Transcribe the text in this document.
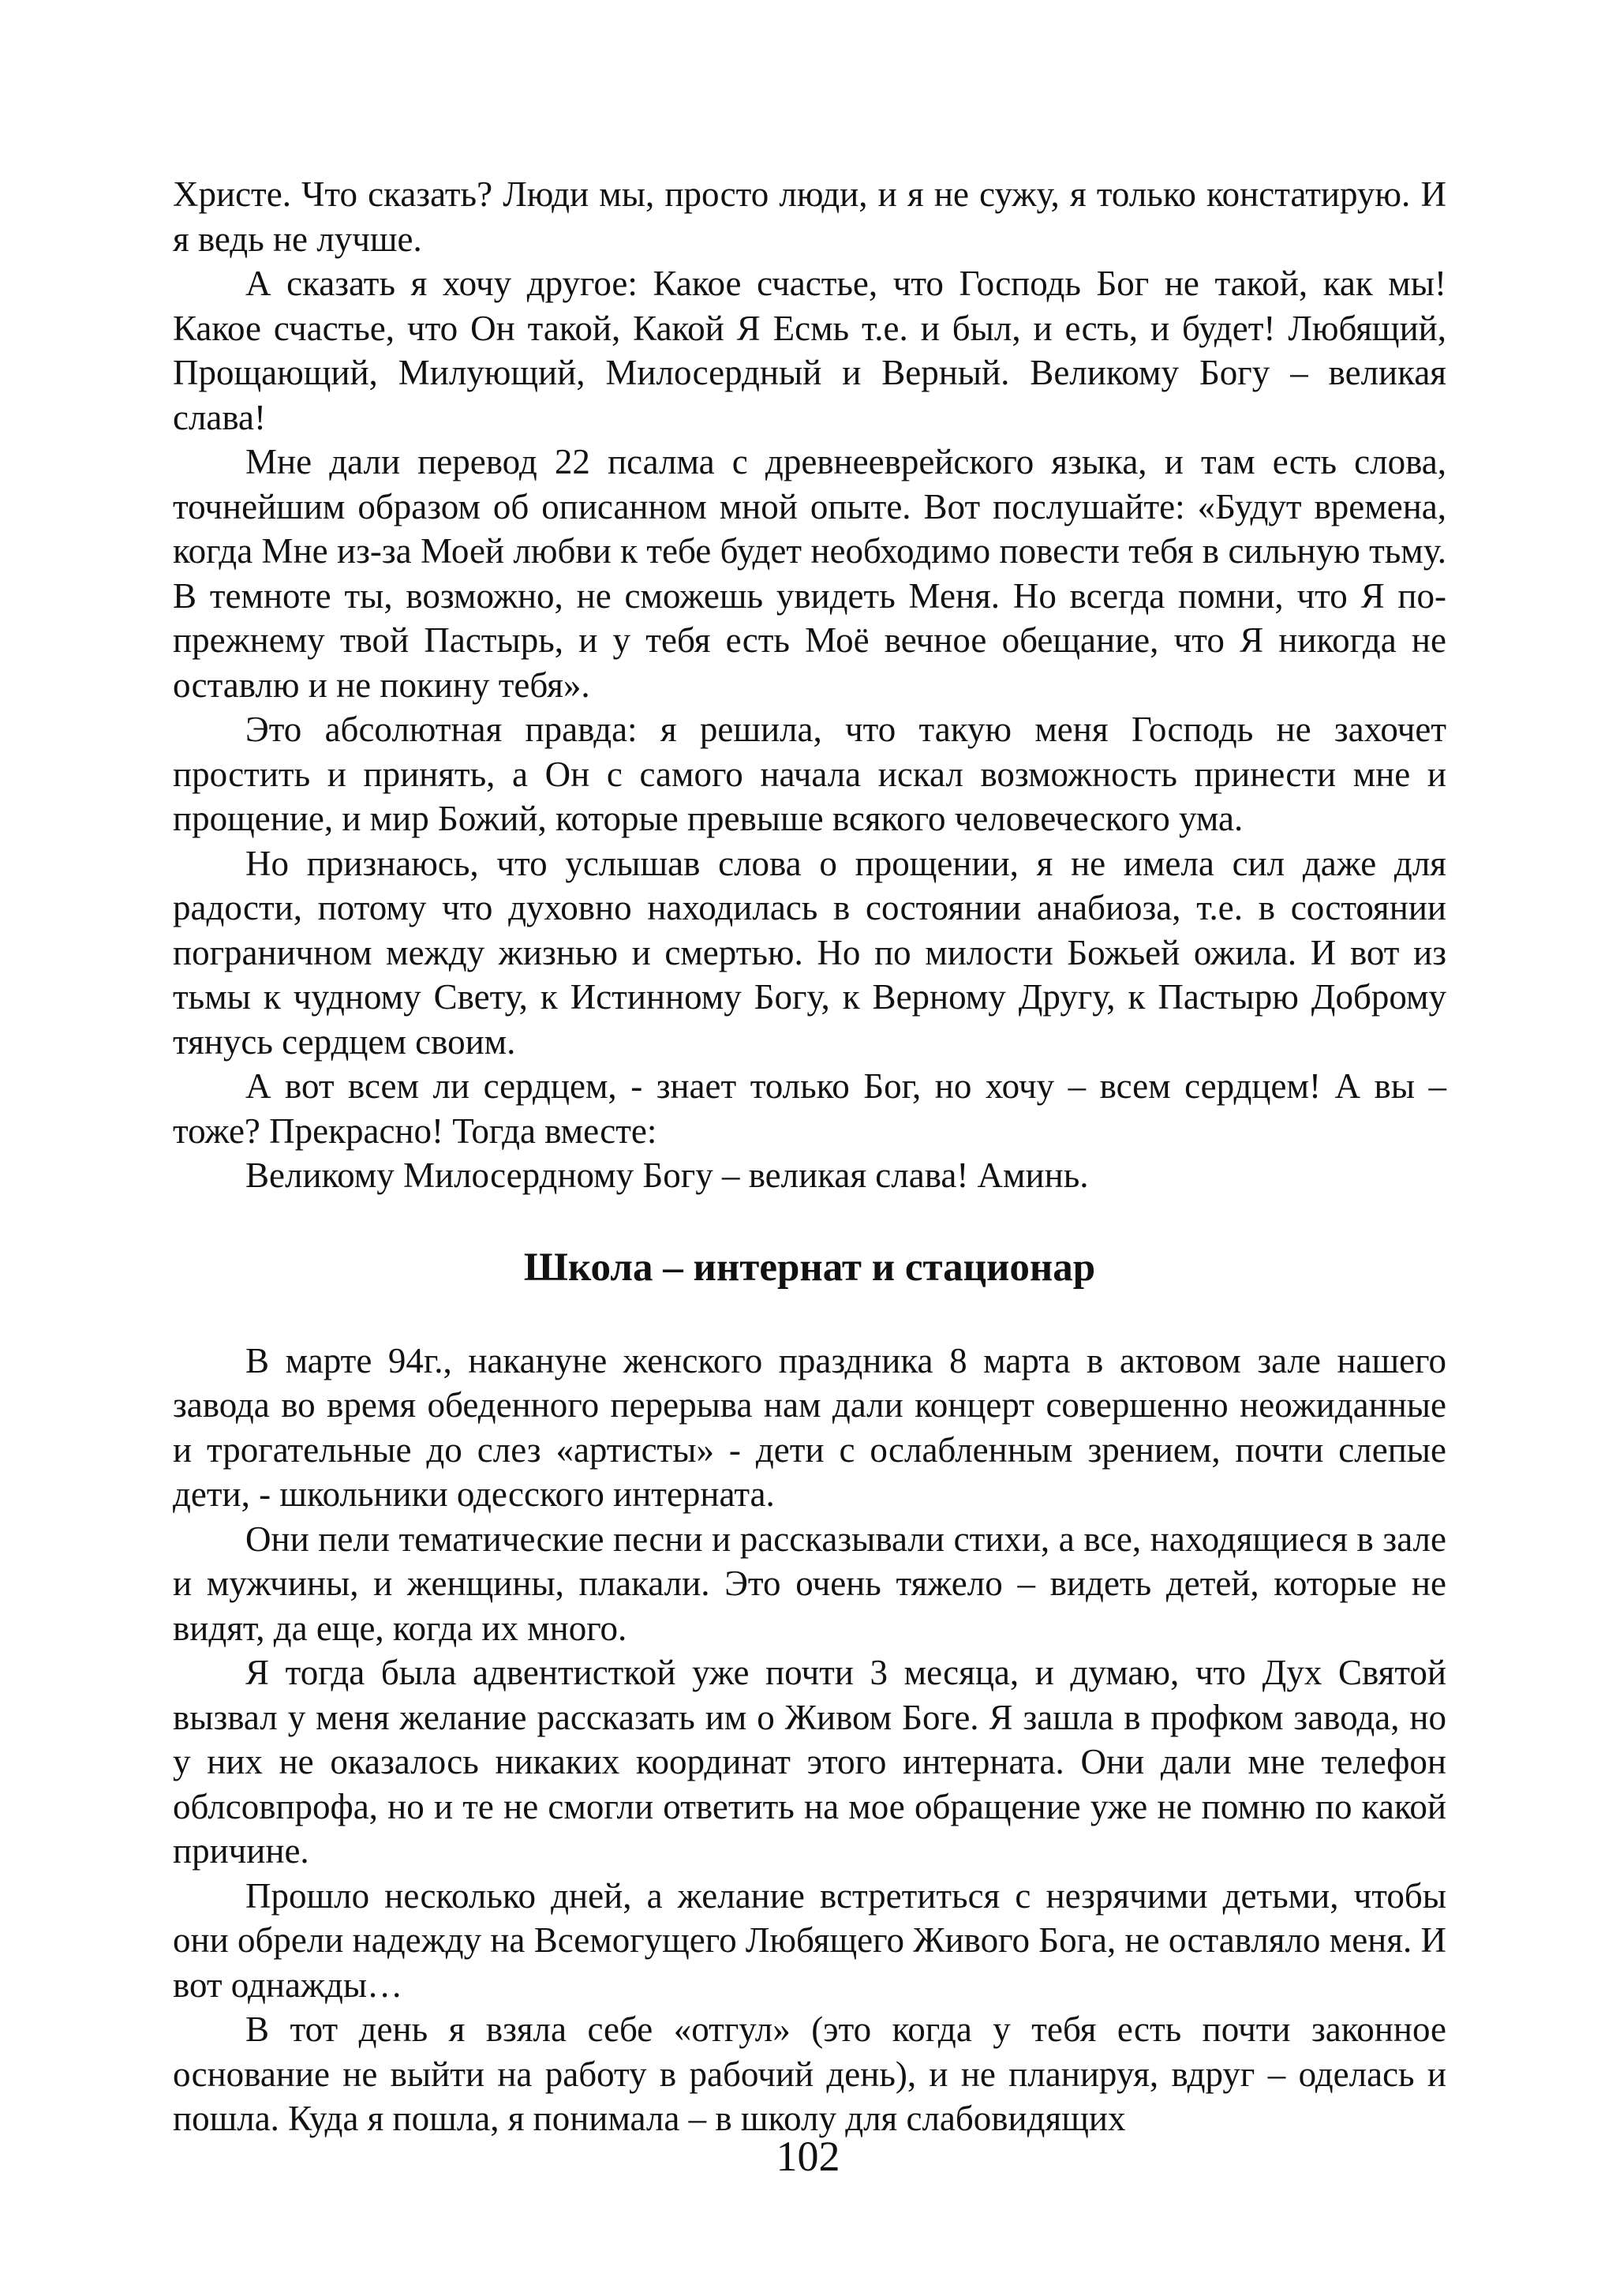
Христе. Что сказать? Люди мы, просто люди, и я не сужу, я только констатирую. И я ведь не лучше.

А сказать я хочу другое: Какое счастье, что Господь Бог не такой, как мы! Какое счастье, что Он такой, Какой Я Есмь т.е. и был, и есть, и будет! Любящий, Прощающий, Милующий, Милосердный и Верный. Великому Богу – великая слава!

Мне дали перевод 22 псалма с древнееврейского языка, и там есть слова, точнейшим образом об описанном мной опыте. Вот послушайте: «Будут времена, когда Мне из-за Моей любви к тебе будет необходимо повести тебя в сильную тьму. В темноте ты, возможно, не сможешь увидеть Меня. Но всегда помни, что Я по-прежнему твой Пастырь, и у тебя есть Моё вечное обещание, что Я никогда не оставлю и не покину тебя».

Это абсолютная правда: я решила, что такую меня Господь не захочет простить и принять, а Он с самого начала искал возможность принести мне и прощение, и мир Божий, которые превыше всякого человеческого ума.

Но признаюсь, что услышав слова о прощении, я не имела сил даже для радости, потому что духовно находилась в состоянии анабиоза, т.е. в состоянии пограничном между жизнью и смертью. Но по милости Божьей ожила. И вот из тьмы к чудному Свету, к Истинному Богу, к Верному Другу, к Пастырю Доброму тянусь сердцем своим.

А вот всем ли сердцем, - знает только Бог, но хочу – всем сердцем! А вы – тоже? Прекрасно! Тогда вместе:

Великому Милосердному Богу – великая слава! Аминь.

Школа – интернат и стационар

В марте 94г., накануне женского праздника 8 марта в актовом зале нашего завода во время обеденного перерыва нам дали концерт совершенно неожиданные и трогательные до слез «артисты» - дети с ослабленным зрением, почти слепые дети, - школьники одесского интерната.

Они пели тематические песни и рассказывали стихи, а все, находящиеся в зале и мужчины, и женщины, плакали. Это очень тяжело – видеть детей, которые не видят, да еще, когда их много.

Я тогда была адвентисткой уже почти 3 месяца, и думаю, что Дух Святой вызвал у меня желание рассказать им о Живом Боге. Я зашла в профком завода, но у них не оказалось никаких координат этого интерната. Они дали мне телефон облсовпрофа, но и те не смогли ответить на мое обращение уже не помню по какой причине.

Прошло несколько дней, а желание встретиться с незрячими детьми, чтобы они обрели надежду на Всемогущего Любящего Живого Бога, не оставляло меня. И вот однажды…

В тот день я взяла себе «отгул» (это когда у тебя есть почти законное основание не выйти на работу в рабочий день), и не планируя, вдруг – оделась и пошла. Куда я пошла, я понимала – в школу для слабовидящих

102
